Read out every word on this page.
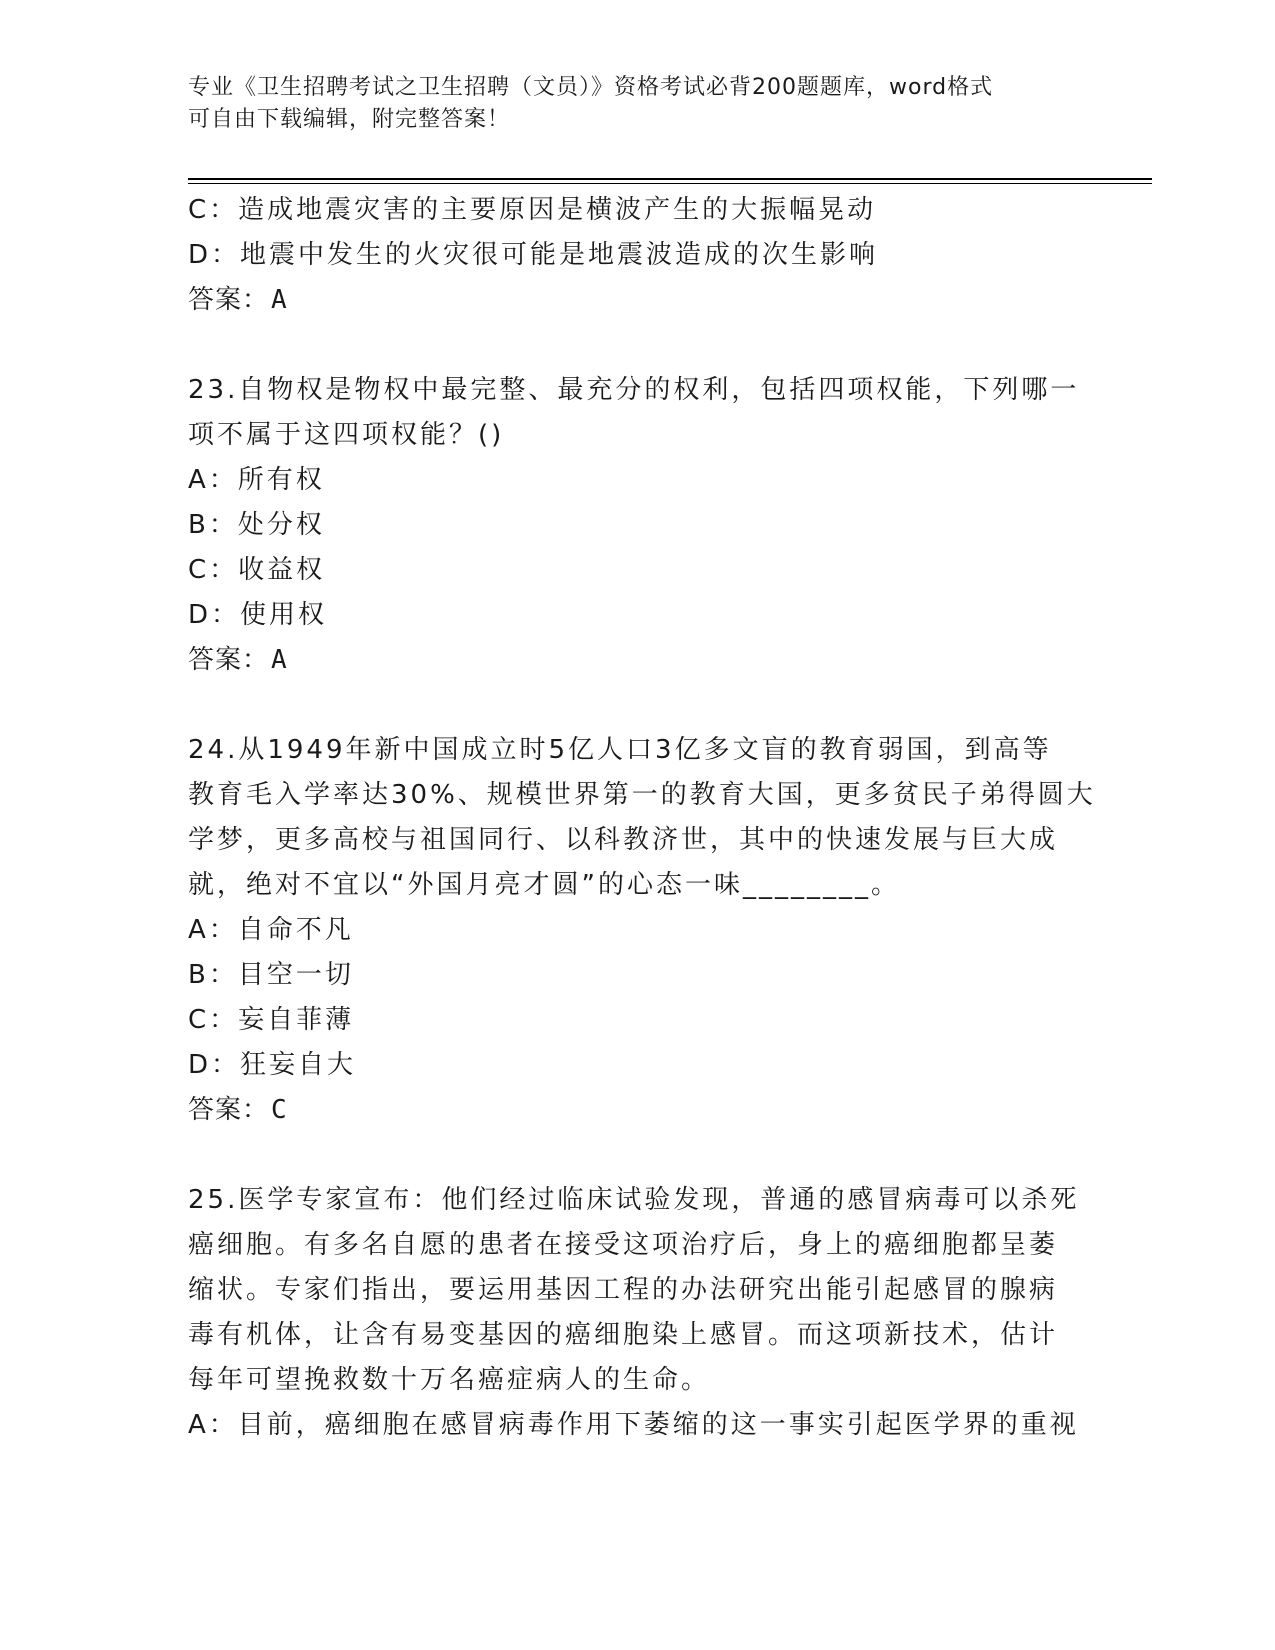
专业《卫生招聘考试之卫生招聘（文员）》资格考试必背200题题库，word格式
可自由下载编辑，附完整答案！
C：造成地震灾害的主要原因是横波产生的大振幅晃动
D：地震中发生的火灾很可能是地震波造成的次生影响
答案：A
23.自物权是物权中最完整、最充分的权利，包括四项权能，下列哪一
项不属于这四项权能？()
A：所有权
B：处分权
C：收益权
D：使用权
答案：A
24.从1949年新中国成立时5亿人口3亿多文盲的教育弱国，到高等
教育毛入学率达30%、规模世界第一的教育大国，更多贫民子弟得圆大
学梦，更多高校与祖国同行、以科教济世，其中的快速发展与巨大成
就，绝对不宜以“外国月亮才圆”的心态一味________。
A：自命不凡
B：目空一切
C：妄自菲薄
D：狂妄自大
答案：C
25.医学专家宣布：他们经过临床试验发现，普通的感冒病毒可以杀死
癌细胞。有多名自愿的患者在接受这项治疗后，身上的癌细胞都呈萎
缩状。专家们指出，要运用基因工程的办法研究出能引起感冒的腺病
毒有机体，让含有易变基因的癌细胞染上感冒。而这项新技术，估计
每年可望挽救数十万名癌症病人的生命。
A：目前，癌细胞在感冒病毒作用下萎缩的这一事实引起医学界的重视
